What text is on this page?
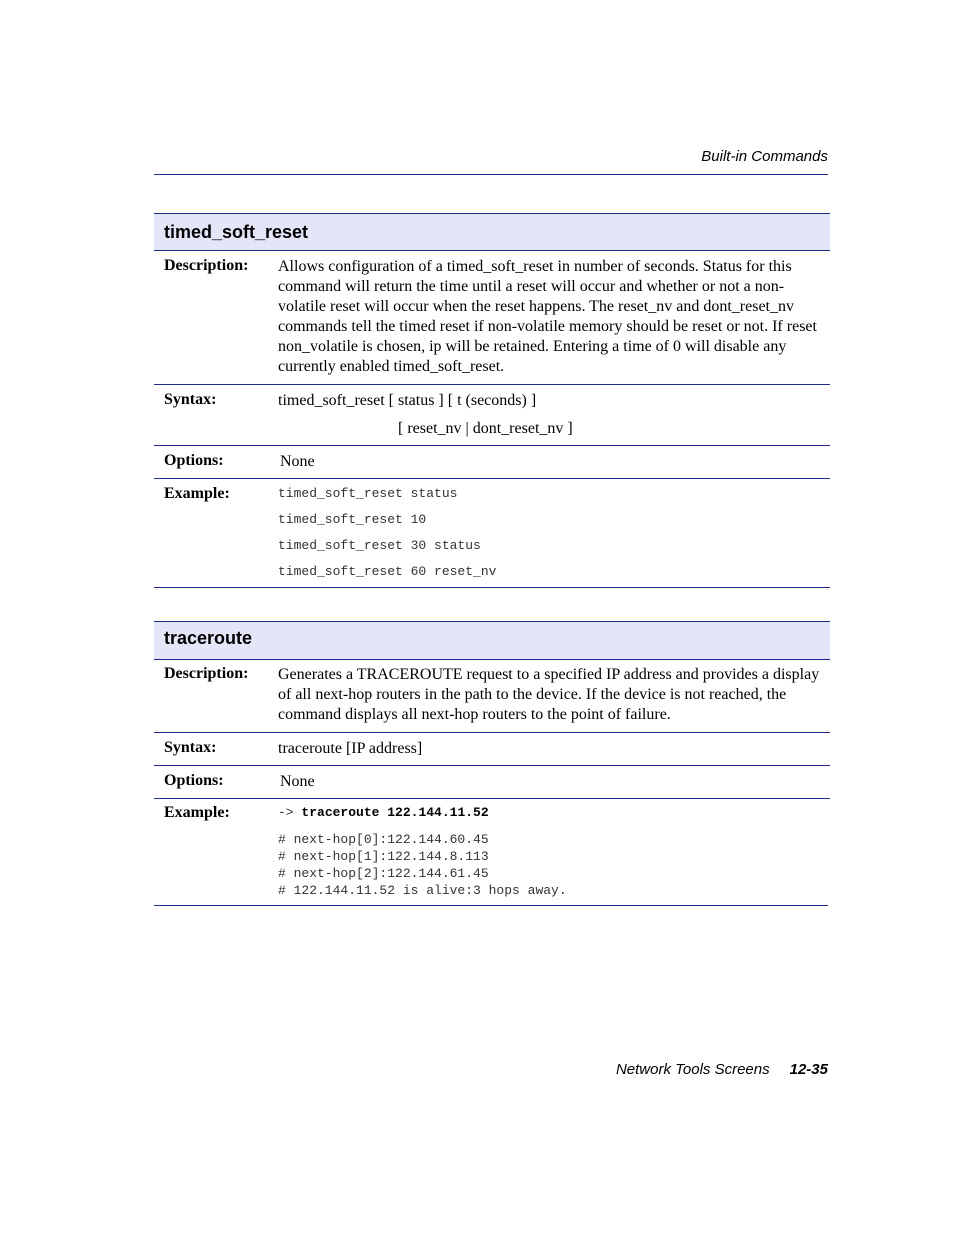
Built-in Commands
timed_soft_reset
Description:	Allows configuration of a timed_soft_reset in number of seconds. Status for this command will return the time until a reset will occur and whether or not a non-volatile reset will occur when the reset happens. The reset_nv and dont_reset_nv commands tell the timed reset if non-volatile memory should be reset or not. If reset non_volatile is chosen, ip will be retained. Entering a time of 0 will disable any currently enabled timed_soft_reset.
Syntax:	timed_soft_reset [ status ] [ t (seconds) ]
[ reset_nv | dont_reset_nv ]
Options:	None
Example:	timed_soft_reset status
timed_soft_reset 10
timed_soft_reset 30 status
timed_soft_reset 60 reset_nv
traceroute
Description:	Generates a TRACEROUTE request to a specified IP address and provides a display of all next-hop routers in the path to the device. If the device is not reached, the command displays all next-hop routers to the point of failure.
Syntax:	traceroute [IP address]
Options:	None
Example:	-> traceroute 122.144.11.52
# next-hop[0]:122.144.60.45
# next-hop[1]:122.144.8.113
# next-hop[2]:122.144.61.45
# 122.144.11.52 is alive:3 hops away.
Network Tools Screens 12-35
